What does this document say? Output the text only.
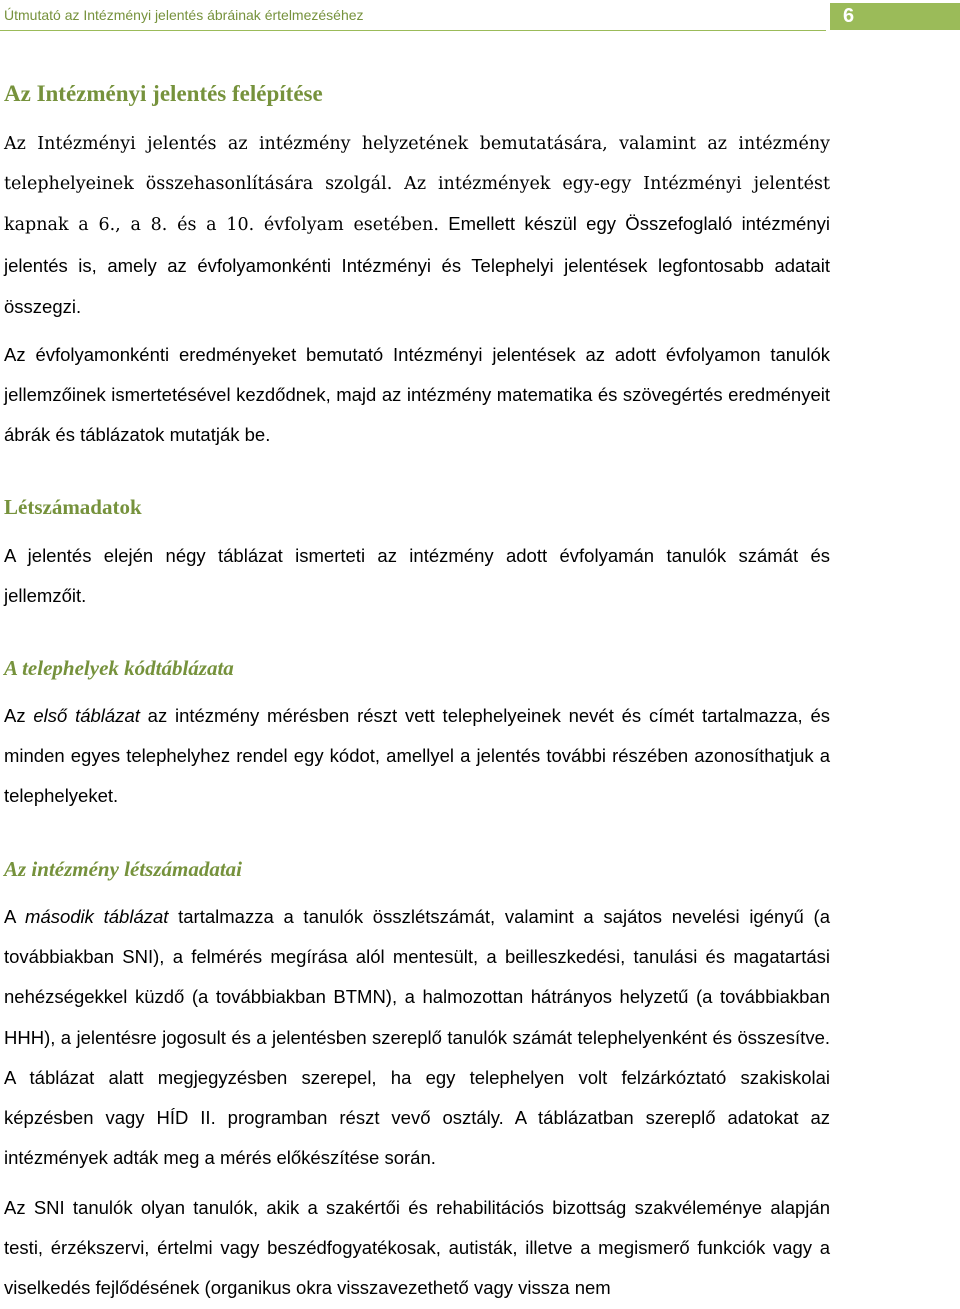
Útmutató az Intézményi jelentés ábráinak értelmezéséhez	6
Az Intézményi jelentés felépítése

Az Intézményi jelentés az intézmény helyzetének bemutatására, valamint az intézmény telephelyeinek összehasonlítására szolgál. Az intézmények egy-egy Intézményi jelentést kapnak a 6., a 8. és a 10. évfolyam esetében. Emellett készül egy Összefoglaló intézményi jelentés is, amely az évfolyamonkénti Intézményi és Telephelyi jelentések legfontosabb adatait összegzi.

Az évfolyamonkénti eredményeket bemutató Intézményi jelentések az adott évfolyamon tanulók jellemzőinek ismertetésével kezdődnek, majd az intézmény matematika és szövegértés eredményeit ábrák és táblázatok mutatják be.

Létszámadatok

A jelentés elején négy táblázat ismerteti az intézmény adott évfolyamán tanulók számát és jellemzőit.

A telephelyek kódtáblázata

Az első táblázat az intézmény mérésben részt vett telephelyeinek nevét és címét tartalmazza, és minden egyes telephelyhez rendel egy kódot, amellyel a jelentés további részében azonosíthatjuk a telephelyeket.

Az intézmény létszámadatai

A második táblázat tartalmazza a tanulók összlétszámát, valamint a sajátos nevelési igényű (a továbbiakban SNI), a felmérés megírása alól mentesült, a beilleszkedési, tanulási és magatartási nehézségekkel küzdő (a továbbiakban BTMN), a halmozottan hátrányos helyzetű (a továbbiakban HHH), a jelentésre jogosult és a jelentésben szereplő tanulók számát telephelyenként és összesítve. A táblázat alatt megjegyzésben szerepel, ha egy telephelyen volt felzárkóztató szakiskolai képzésben vagy HÍD II. programban részt vevő osztály. A táblázatban szereplő adatokat az intézmények adták meg a mérés előkészítése során.

Az SNI tanulók olyan tanulók, akik a szakértői és rehabilitációs bizottság szakvéleménye alapján testi, érzékszervi, értelmi vagy beszédfogyatékosak, autisták, illetve a megismerő funkciók vagy a viselkedés fejlődésének (organikus okra visszavezethető vagy vissza nem
